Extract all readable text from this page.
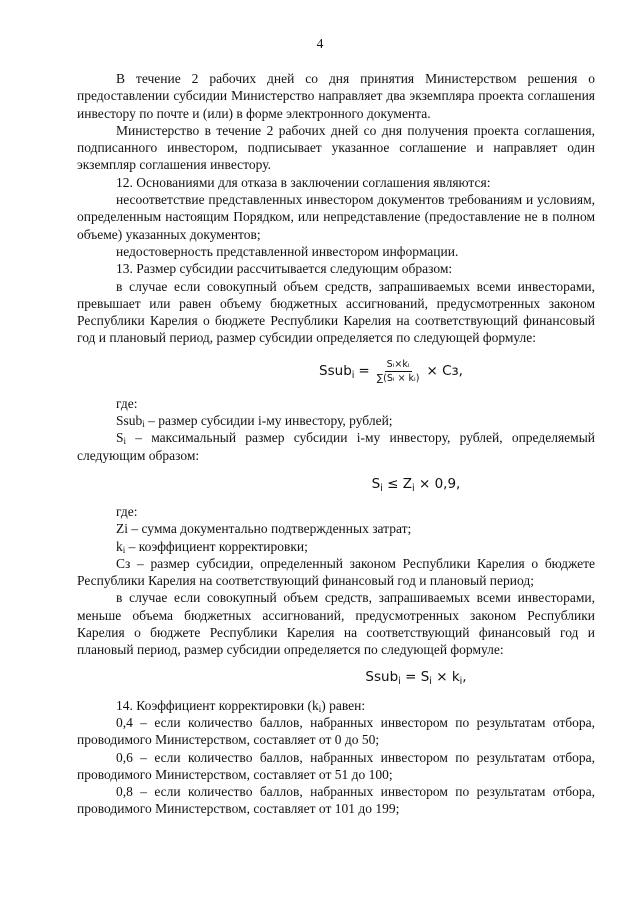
4

В течение 2 рабочих дней со дня принятия Министерством решения о предоставлении субсидии Министерство направляет два экземпляра проекта соглашения инвестору по почте и (или) в форме электронного документа.

Министерство в течение 2 рабочих дней со дня получения проекта соглашения, подписанного инвестором, подписывает указанное соглашение и направляет один экземпляр соглашения инвестору.

12. Основаниями для отказа в заключении соглашения являются:

несоответствие представленных инвестором документов требованиям и условиям, определенным настоящим Порядком, или непредставление (предоставление не в полном объеме) указанных документов;

недостоверность представленной инвестором информации.

13. Размер субсидии рассчитывается следующим образом:

в случае если совокупный объем средств, запрашиваемых всеми инвесторами, превышает или равен объему бюджетных ассигнований, предусмотренных законом Республики Карелия о бюджете Республики Карелия на соответствующий финансовый год и плановый период, размер субсидии определяется по следующей формуле:

Ssub$_i$ = $\frac{\text{Sᵢ×kᵢ}}{\text{∑(Sᵢ × kᵢ)}}$ × Сз,

где:

Ssubi – размер субсидии i-му инвестору, рублей;

Si – максимальный размер субсидии i-му инвестору, рублей, определяемый следующим образом:

$S_i \le Z_i \times 0,9$,

где:

Zi – сумма документально подтвержденных затрат;

ki – коэффициент корректировки;

Сз – размер субсидии, определенный законом Республики Карелия о бюджете Республики Карелия на соответствующий финансовый год и плановый период;

в случае если совокупный объем средств, запрашиваемых всеми инвесторами, меньше объема бюджетных ассигнований, предусмотренных законом Республики Карелия о бюджете Республики Карелия на соответствующий финансовый год и плановый период, размер субсидии определяется по следующей формуле:

Ssub$_i$ = $S_i \times k_i$,

14. Коэффициент корректировки (ki) равен:

0,4 – если количество баллов, набранных инвестором по результатам отбора, проводимого Министерством, составляет от 0 до 50;

0,6 – если количество баллов, набранных инвестором по результатам отбора, проводимого Министерством, составляет от 51 до 100;

0,8 – если количество баллов, набранных инвестором по результатам отбора, проводимого Министерством, составляет от 101 до 199;
